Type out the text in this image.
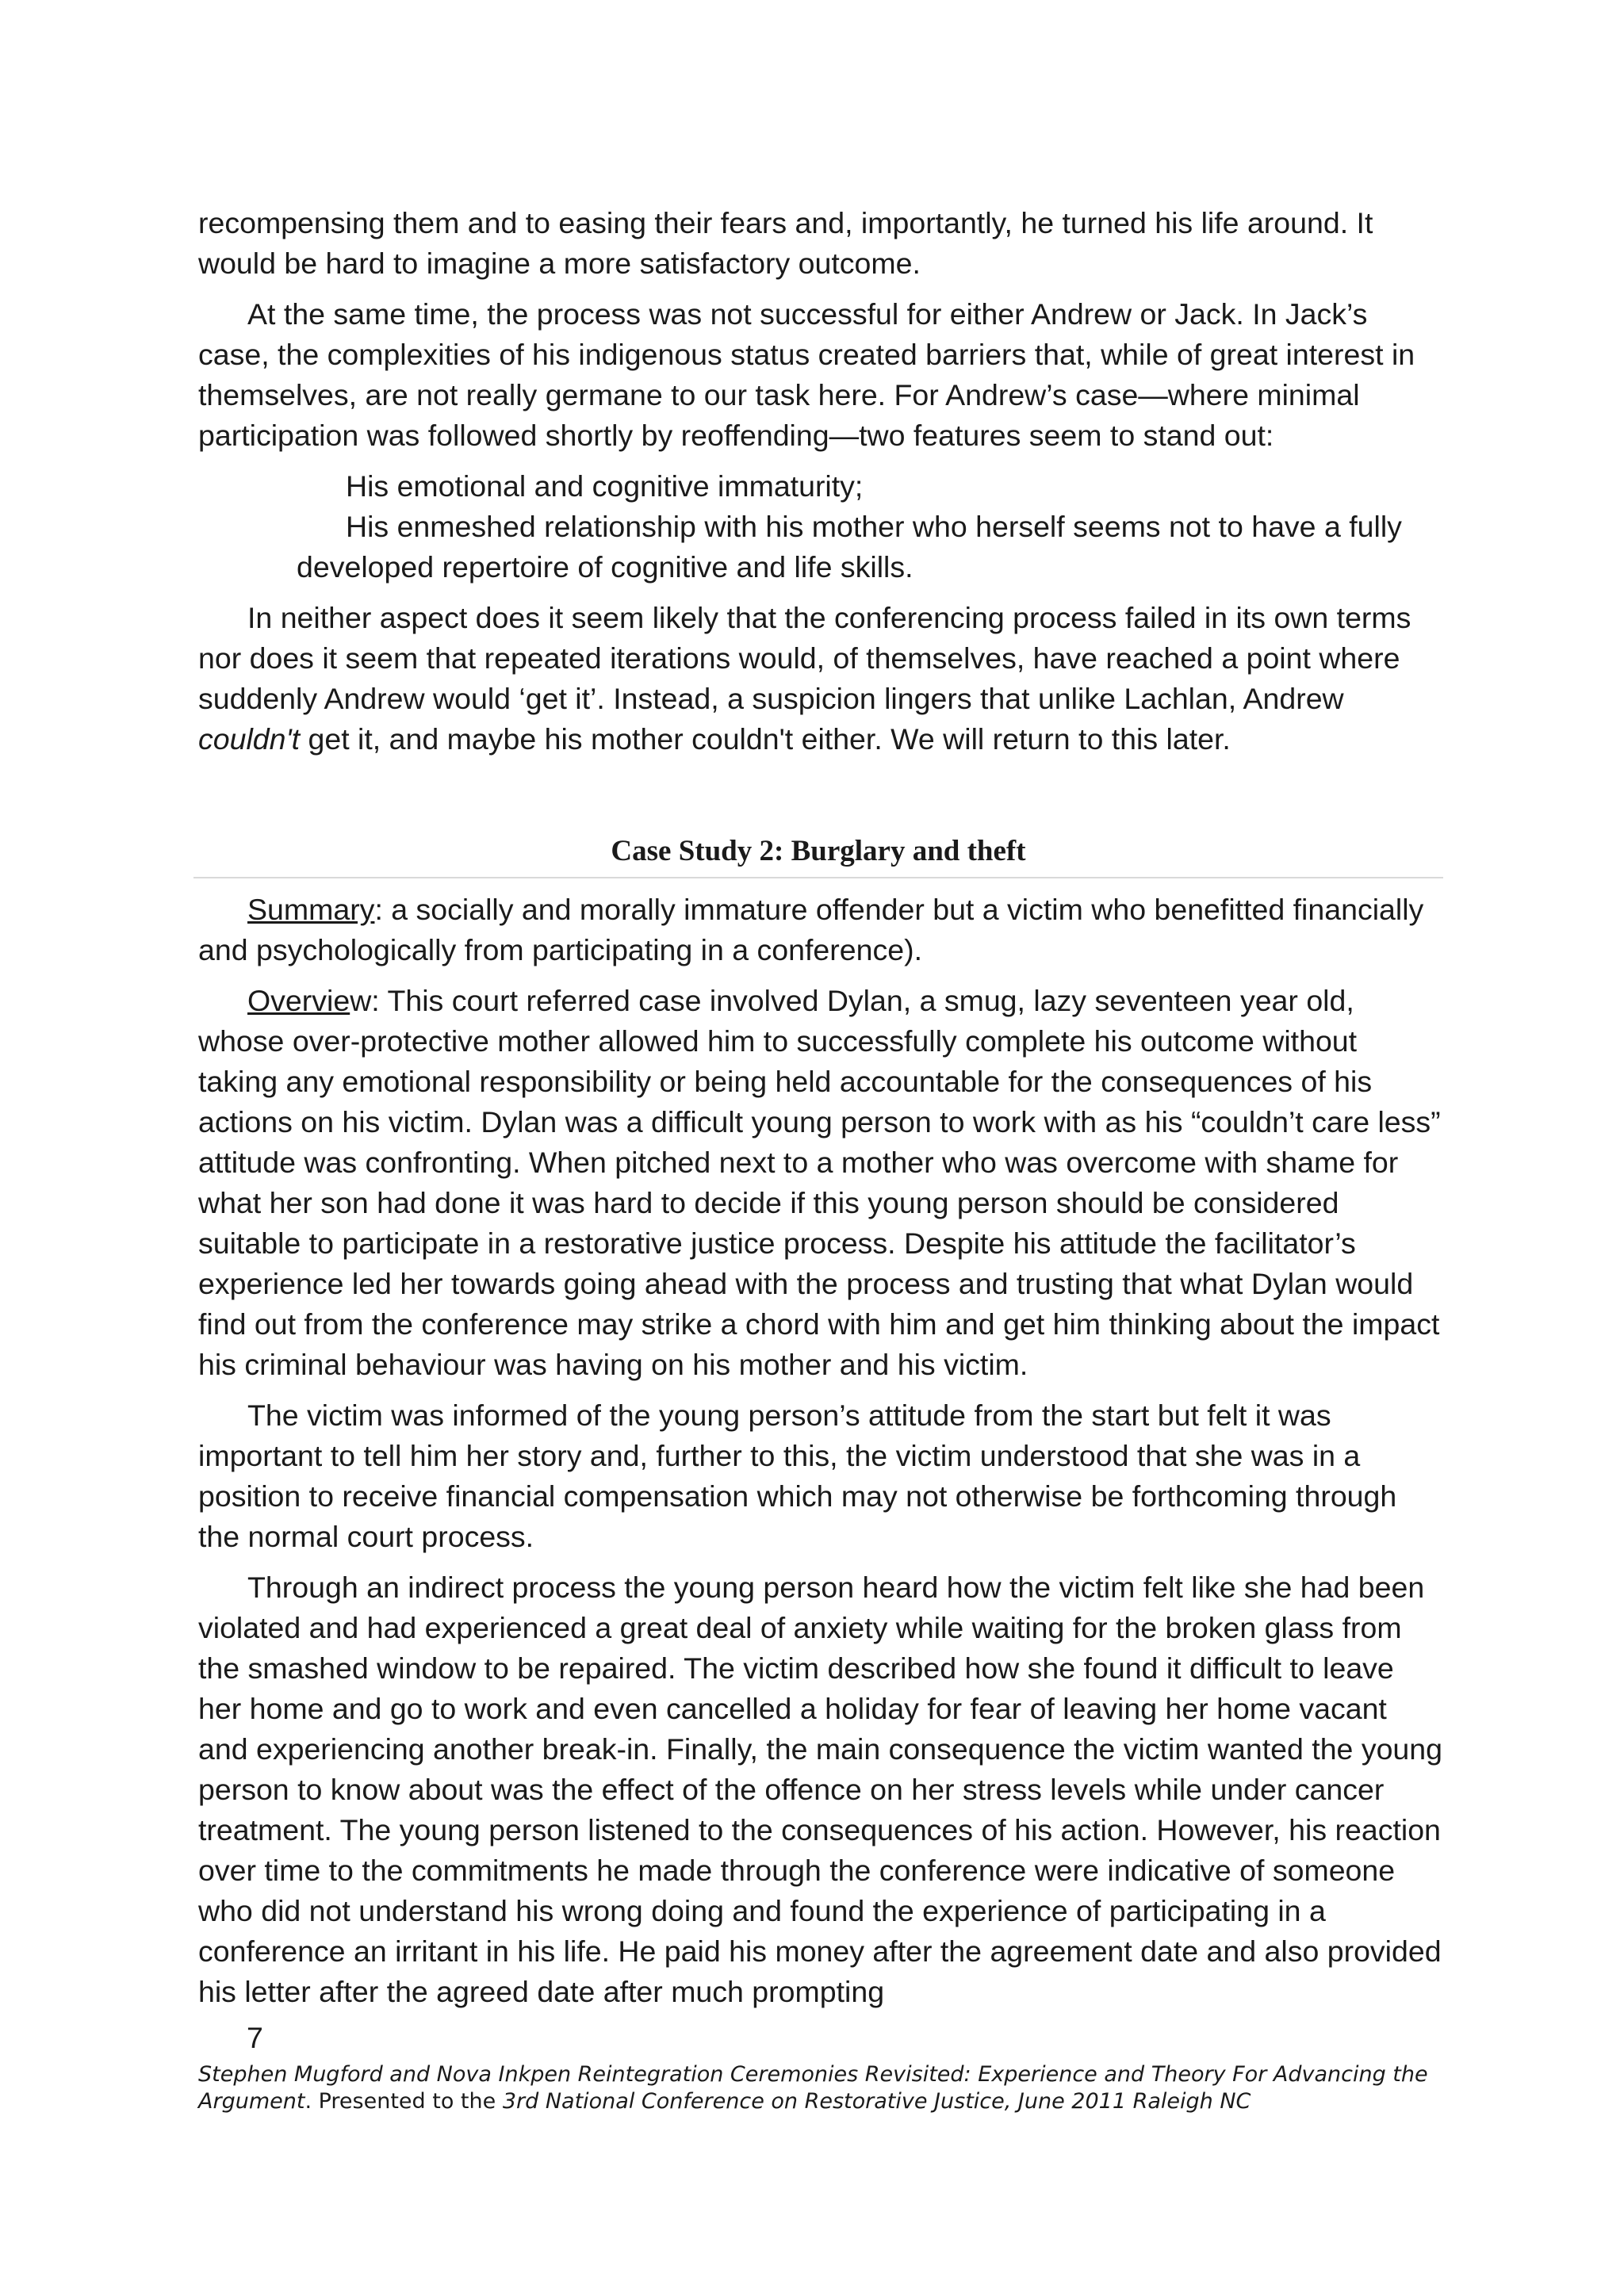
recompensing them and to easing their fears and, importantly, he turned his life around. It would be hard to imagine a more satisfactory outcome.

At the same time, the process was not successful for either Andrew or Jack. In Jack’s case, the complexities of his indigenous status created barriers that, while of great interest in themselves, are not really germane to our task here. For Andrew’s case—where minimal participation was followed shortly by reoffending—two features seem to stand out:

His emotional and cognitive immaturity;

His enmeshed relationship with his mother who herself seems not to have a fully developed repertoire of cognitive and life skills.

In neither aspect does it seem likely that the conferencing process failed in its own terms nor does it seem that repeated iterations would, of themselves, have reached a point where suddenly Andrew would ‘get it’. Instead, a suspicion lingers that unlike Lachlan, Andrew
couldn't get it, and maybe his mother couldn't either. We will return to this later.

Case Study 2: Burglary and theft

Summary: a socially and morally immature offender but a victim who benefitted financially and psychologically from participating in a conference).

Overview: This court referred case involved Dylan, a smug, lazy seventeen year old, whose over-protective mother allowed him to successfully complete his outcome without taking any emotional responsibility or being held accountable for the consequences of his actions on his victim. Dylan was a difficult young person to work with as his “couldn’t care less” attitude was confronting. When pitched next to a mother who was overcome with shame for what her son had done it was hard to decide if this young person should be considered suitable to participate in a restorative justice process. Despite his attitude the facilitator’s experience led her towards going ahead with the process and trusting that what Dylan would find out from the conference may strike a chord with him and get him thinking about the impact his criminal behaviour was having on his mother and his victim.

The victim was informed of the young person’s attitude from the start but felt it was important to tell him her story and, further to this, the victim understood that she was in a position to receive financial compensation which may not otherwise be forthcoming through the normal court process.

Through an indirect process the young person heard how the victim felt like she had been violated and had experienced a great deal of anxiety while waiting for the broken glass from the smashed window to be repaired. The victim described how she found it difficult to leave her home and go to work and even cancelled a holiday for fear of leaving her home vacant and experiencing another break-in. Finally, the main consequence the victim wanted the young person to know about was the effect of the offence on her stress levels while under cancer treatment. The young person listened to the consequences of his action. However, his reaction over time to the commitments he made through the conference were indicative of someone who did not understand his wrong doing and found the experience of participating in a conference an irritant in his life. He paid his money after the agreement date and also provided his letter after the agreed date after much prompting

7
Stephen Mugford and Nova Inkpen Reintegration Ceremonies Revisited: Experience and Theory For Advancing the Argument. Presented to the 3rd National Conference on Restorative Justice, June 2011 Raleigh NC
